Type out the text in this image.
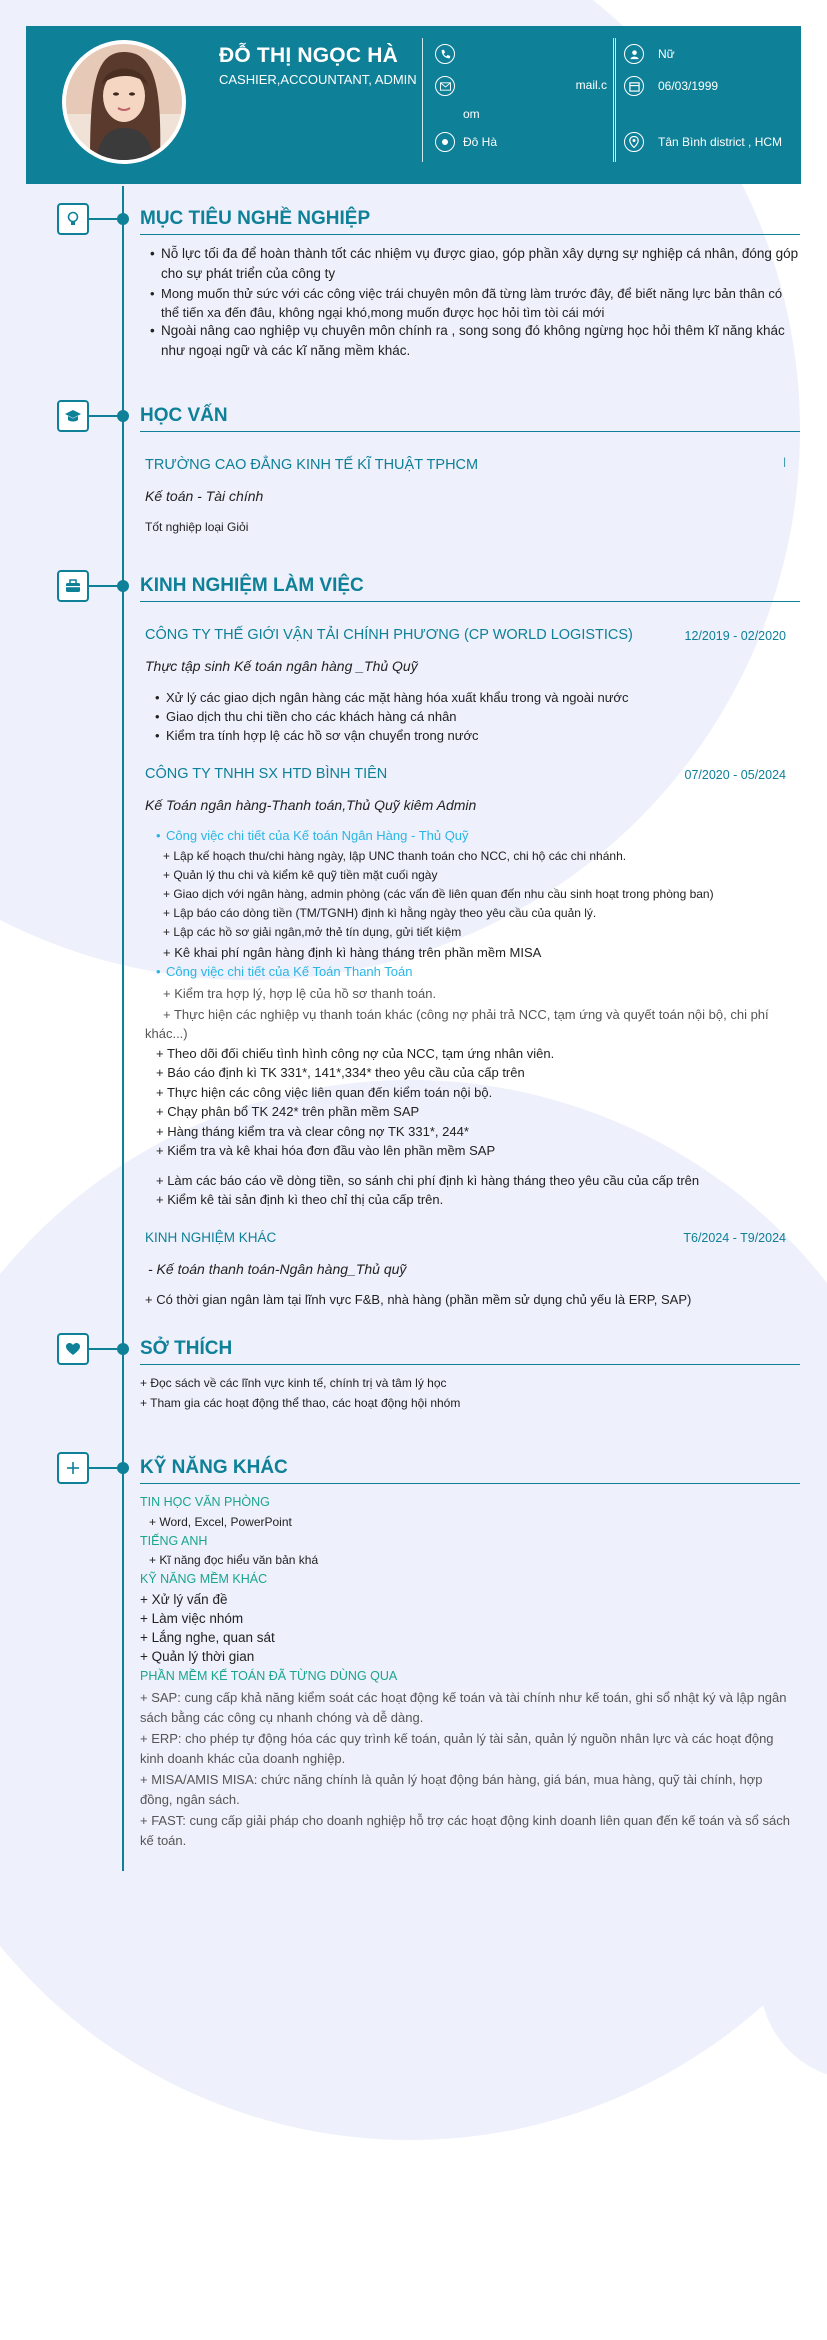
ĐỖ THỊ NGỌC HÀ
CASHIER,ACCOUNTANT, ADMIN	mail.c
om
Đô Hà
Nữ
06/03/1999
Tân Bình district , HCM
MỤC TIÊU NGHỀ NGHIỆP
• Nỗ lực tối đa để hoàn thành tốt các nhiệm vụ được giao, góp phần xây dựng sự nghiệp cá nhân, đóng góp cho sự phát triển của công ty
• Mong muốn thử sức với các công việc trái chuyên môn đã từng làm trước đây, để biết năng lực bản thân có thể tiến xa đến đâu, không ngại khó,mong muốn được học hỏi tìm tòi cái mới
• Ngoài nâng cao nghiệp vụ chuyên môn chính ra , song song đó không ngừng học hỏi thêm kĩ năng khác như ngoại ngữ và các kĩ năng mềm khác.
HỌC VẤN
TRƯỜNG CAO ĐẲNG KINH TẾ KĨ THUẬT TPHCM	|
Kế toán - Tài chính
Tốt nghiệp loại Giỏi
KINH NGHIỆM LÀM VIỆC
CÔNG TY THẾ GIỚI VẬN TẢI CHÍNH PHƯƠNG (CP WORLD LOGISTICS)	12/2019 - 02/2020
Thực tập sinh Kế toán ngân hàng _Thủ Quỹ
• Xử lý các giao dịch ngân hàng các mặt hàng hóa xuất khẩu trong và ngoài nước
• Giao dịch thu chi tiền cho các khách hàng cá nhân
• Kiểm tra tính hợp lệ các hồ sơ vận chuyển trong nước
CÔNG TY TNHH SX HTD BÌNH TIÊN	07/2020 - 05/2024
Kế Toán ngân hàng-Thanh toán,Thủ Quỹ kiêm Admin
Công việc chi tiết của Kế toán Ngân Hàng - Thủ Quỹ
•
+ Lập kế hoạch thu/chi hàng ngày, lập UNC thanh toán cho NCC, chi hộ các chi nhánh.
+ Quản lý thu chi và kiểm kê quỹ tiền mặt cuối ngày
+ Giao dịch với ngân hàng, admin phòng (các vấn đề liên quan đến nhu cầu sinh hoạt trong phòng ban)
+ Lập báo cáo dòng tiền (TM/TGNH) định kì hằng ngày theo yêu cầu của quản lý.
+ Lập các hồ sơ giải ngân,mở thẻ tín dụng, gửi tiết kiệm
+ Kê khai phí ngân hàng định kì hàng tháng trên phần mềm MISA
Công việc chi tiết của Kế Toán Thanh Toán
•
+ Kiểm tra hợp lý, hợp lệ của hồ sơ thanh toán.
+ Thực hiện các nghiệp vụ thanh toán khác (công nợ phải trả NCC, tạm ứng và quyết toán nội bộ, chi phí
khác...)
+ Theo dõi đối chiếu tình hình công nợ của NCC, tạm ứng nhân viên.
+ Báo cáo định kì TK 331*, 141*,334* theo yêu cầu của cấp trên
+ Thực hiện các công việc liên quan đến kiểm toán nội bộ.
+ Chạy phân bổ TK 242* trên phần mềm SAP
+ Hàng tháng kiểm tra và clear công nợ TK 331*, 244*
+ Kiểm tra và kê khai hóa đơn đầu vào lên phần mềm SAP
+ Làm các báo cáo về dòng tiền, so sánh chi phí định kì hàng tháng theo yêu cầu của cấp trên
+ Kiểm kê tài sản định kì theo chỉ thị của cấp trên.
KINH NGHIỆM KHÁC	T6/2024 - T9/2024
- Kế toán thanh toán-Ngân hàng_Thủ quỹ
+ Có thời gian ngân làm tại lĩnh vực F&B, nhà hàng (phần mềm sử dụng chủ yếu là ERP, SAP)
SỞ THÍCH
+ Đọc sách về các lĩnh vực kinh tế, chính trị và tâm lý học
+ Tham gia các hoạt động thể thao, các hoạt động hội nhóm
KỸ NĂNG KHÁC
TIN HỌC VĂN PHÒNG
+ Word, Excel, PowerPoint
TIẾNG ANH
+ Kĩ năng đọc hiểu văn bản khá
KỸ NĂNG MỀM KHÁC
+ Xử lý vấn đề
+ Làm việc nhóm
+ Lắng nghe, quan sát
+ Quản lý thời gian
PHẦN MỀM KẾ TOÁN ĐÃ TỪNG DÙNG QUA
+ SAP: cung cấp khả năng kiểm soát các hoạt động kế toán và tài chính như kế toán, ghi sổ nhật ký và lập ngân sách bằng các công cụ nhanh chóng và dễ dàng.
+ ERP: cho phép tự động hóa các quy trình kế toán, quản lý tài sản, quản lý nguồn nhân lực và các hoạt động kinh doanh khác của doanh nghiệp.
+ MISA/AMIS MISA: chức năng chính là quản lý hoạt động bán hàng, giá bán, mua hàng, quỹ tài chính, hợp đồng, ngân sách.
+ FAST: cung cấp giải pháp cho doanh nghiệp hỗ trợ các hoạt động kinh doanh liên quan đến kế toán và sổ sách kế toán.
